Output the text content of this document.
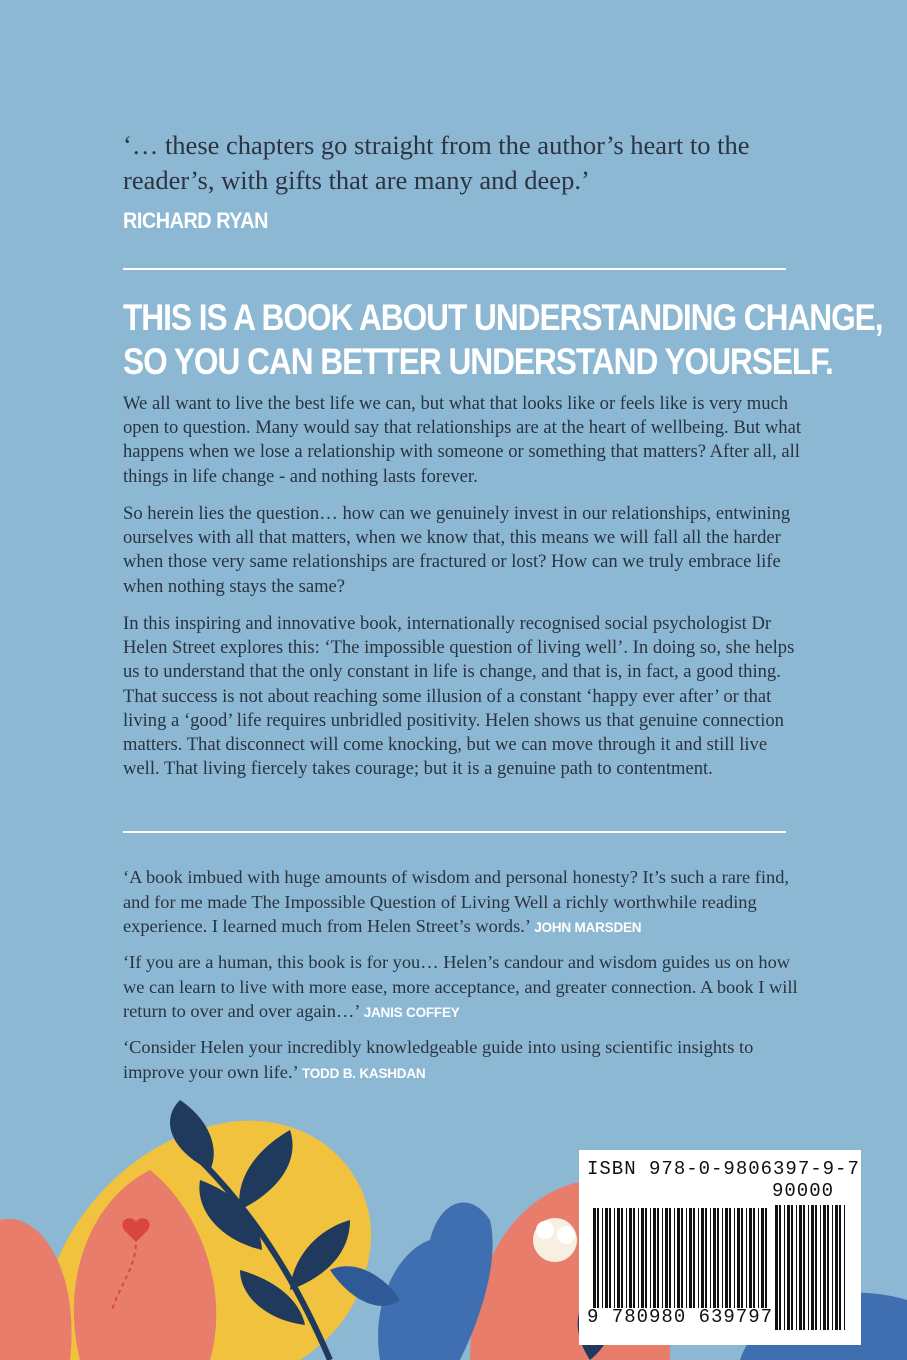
‘… these chapters go straight from the author’s heart to the reader’s, with gifts that are many and deep.’
RICHARD RYAN
THIS IS A BOOK ABOUT UNDERSTANDING CHANGE,
SO YOU CAN BETTER UNDERSTAND YOURSELF.
We all want to live the best life we can, but what that looks like or feels like is very much open to question. Many would say that relationships are at the heart of wellbeing. But what happens when we lose a relationship with someone or something that matters? After all, all things in life change - and nothing lasts forever.
So herein lies the question… how can we genuinely invest in our relationships, entwining ourselves with all that matters, when we know that, this means we will fall all the harder when those very same relationships are fractured or lost? How can we truly embrace life when nothing stays the same?
In this inspiring and innovative book, internationally recognised social psychologist Dr Helen Street explores this: ‘The impossible question of living well’. In doing so, she helps us to understand that the only constant in life is change, and that is, in fact, a good thing. That success is not about reaching some illusion of a constant ‘happy ever after’ or that living a ‘good’ life requires unbridled positivity. Helen shows us that genuine connection matters. That disconnect will come knocking, but we can move through it and still live well. That living fiercely takes courage; but it is a genuine path to contentment.
‘A book imbued with huge amounts of wisdom and personal honesty? It’s such a rare find, and for me made The Impossible Question of Living Well a richly worthwhile reading experience. I learned much from Helen Street’s words.’ JOHN MARSDEN
‘If you are a human, this book is for you… Helen’s candour and wisdom guides us on how we can learn to live with more ease, more acceptance, and greater connection. A book I will return to over and over again…’ JANIS COFFEY
‘Consider Helen your incredibly knowledgeable guide into using scientific insights to improve your own life.’ TODD B. KASHDAN
ISBN 978-0-9806397-9-7
90000
9 780980 639797
